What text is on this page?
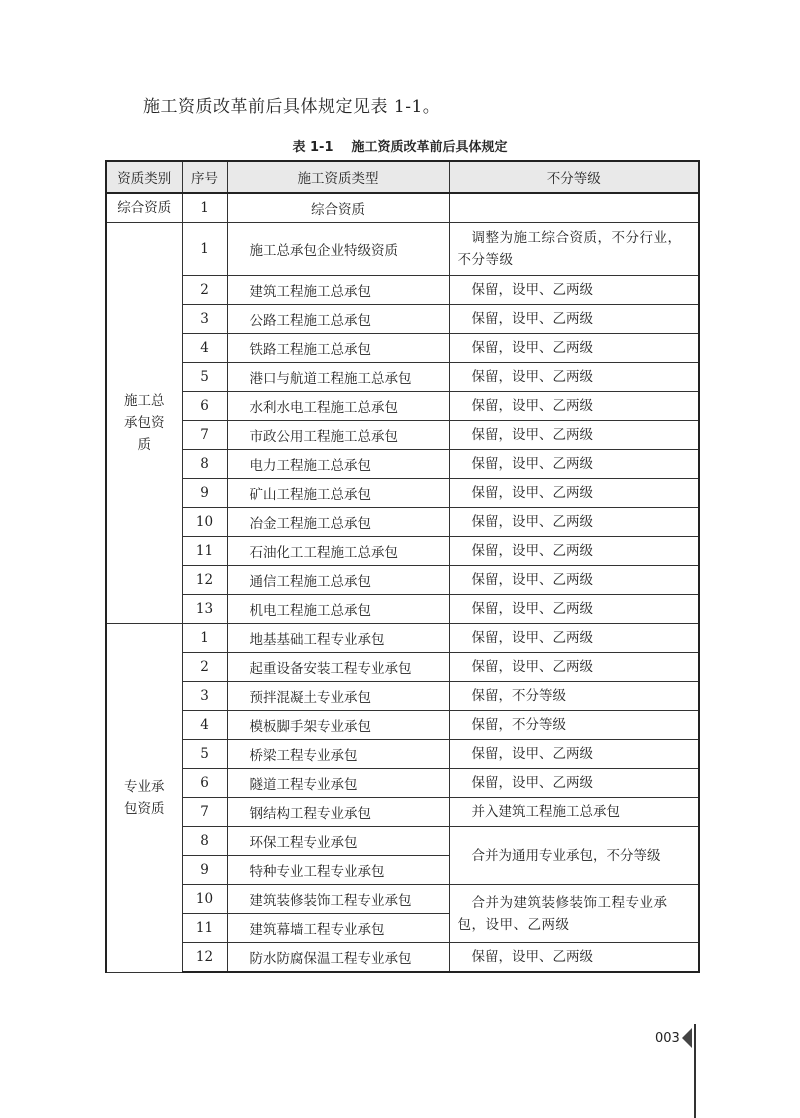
施工资质改革前后具体规定见表 1-1。
表 1-1 施工资质改革前后具体规定
资质类别	序号	施工资质类型	不分等级
综合资质	1	综合资质	

施工总承包资质	1	施工总承包企业特级资质	调整为施工综合资质，不分行业，不分等级
	2	建筑工程施工总承包	保留，设甲、乙两级
	3	公路工程施工总承包	保留，设甲、乙两级
	4	铁路工程施工总承包	保留，设甲、乙两级
	5	港口与航道工程施工总承包	保留，设甲、乙两级
	6	水利水电工程施工总承包	保留，设甲、乙两级
	7	市政公用工程施工总承包	保留，设甲、乙两级
	8	电力工程施工总承包	保留，设甲、乙两级
	9	矿山工程施工总承包	保留，设甲、乙两级
	10	冶金工程施工总承包	保留，设甲、乙两级
	11	石油化工工程施工总承包	保留，设甲、乙两级
	12	通信工程施工总承包	保留，设甲、乙两级
	13	机电工程施工总承包	保留，设甲、乙两级

专业承包资质	1	地基基础工程专业承包	保留，设甲、乙两级
	2	起重设备安装工程专业承包	保留，设甲、乙两级
	3	预拌混凝土专业承包	保留，不分等级
	4	模板脚手架专业承包	保留，不分等级
	5	桥梁工程专业承包	保留，设甲、乙两级
	6	隧道工程专业承包	保留，设甲、乙两级
	7	钢结构工程专业承包	并入建筑工程施工总承包
	8	环保工程专业承包	合并为通用专业承包，不分等级
	9	特种专业工程专业承包	
	10	建筑装修装饰工程专业承包	合并为建筑装修装饰工程专业承包，设甲、乙两级
	11	建筑幕墙工程专业承包	
	12	防水防腐保温工程专业承包	保留，设甲、乙两级
003
